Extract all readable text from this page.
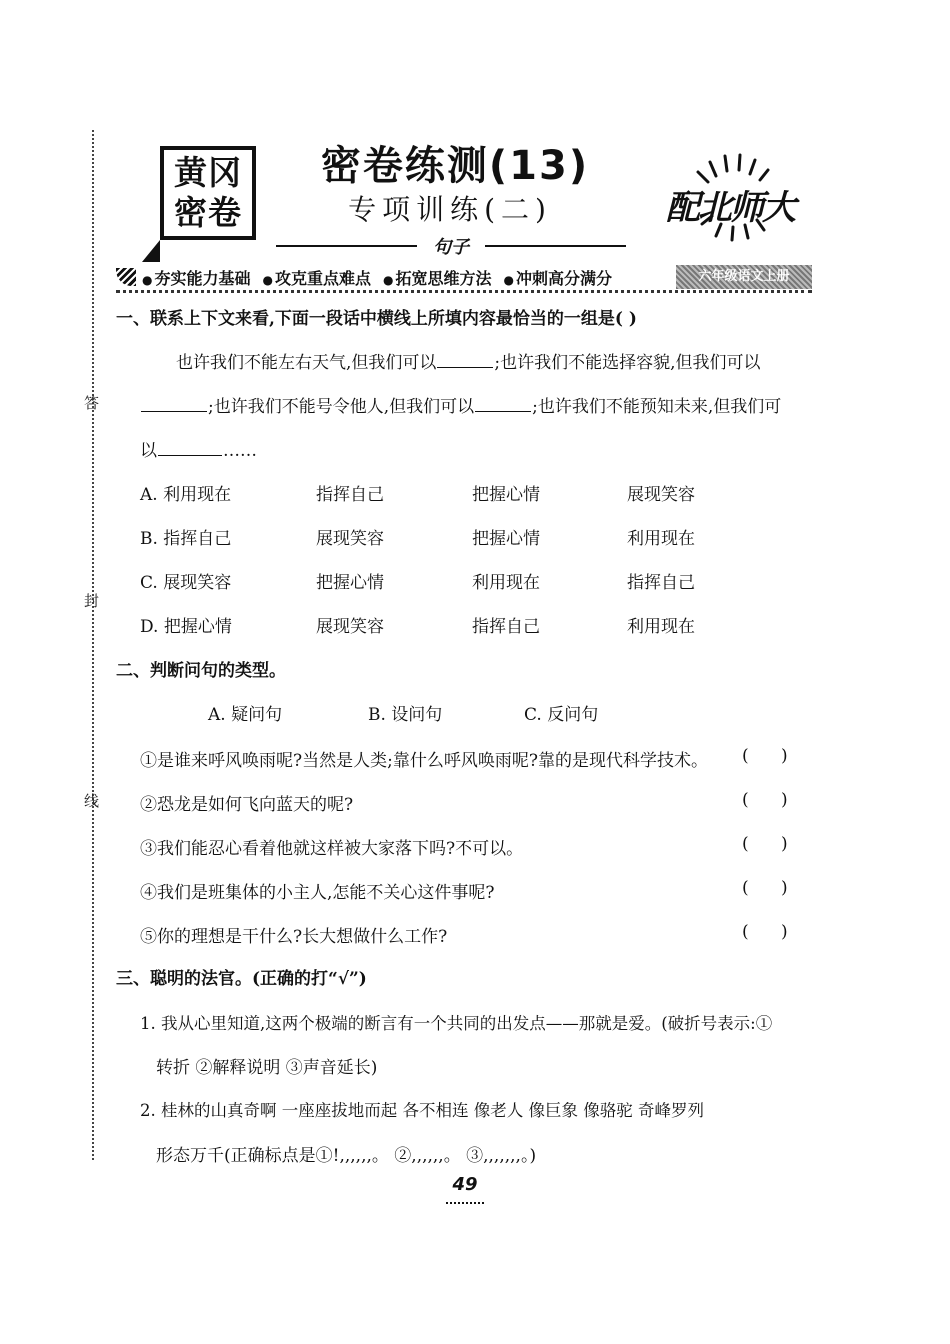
答
封
线
黄冈
密卷
密卷练测(13)
专项训练(二)
句子
配北师大
● 夯实能力基础	● 攻克重点难点	● 拓宽思维方法	● 冲刺高分满分	六年级语文上册
一、联系上下文来看,下面一段话中横线上所填内容最恰当的一组是( )
也许我们不能左右天气,但我们可以	;也许我们不能选择容貌,但我们可以
;也许我们不能号令他人,但我们可以	;也许我们不能预知未来,但我们可
以	……
A. 利用现在	指挥自己	把握心情	展现笑容
B. 指挥自己	展现笑容	把握心情	利用现在
C. 展现笑容	把握心情	利用现在	指挥自己
D. 把握心情	展现笑容	指挥自己	利用现在
二、判断问句的类型。
A. 疑问句	B. 设问句	C. 反问句
①是谁来呼风唤雨呢?当然是人类;靠什么呼风唤雨呢?靠的是现代科学技术。 (      )
②恐龙是如何飞向蓝天的呢?	(      )
③我们能忍心看着他就这样被大家落下吗?不可以。	(      )
④我们是班集体的小主人,怎能不关心这件事呢?	(      )
⑤你的理想是干什么?长大想做什么工作?	(      )
三、聪明的法官。(正确的打“√”)
1. 我从心里知道,这两个极端的断言有一个共同的出发点——那就是爱。(破折号表示:①
转折 ②解释说明 ③声音延长)
2. 桂林的山真奇啊 一座座拔地而起 各不相连 像老人 像巨象 像骆驼 奇峰罗列
形态万千(正确标点是①!,,,,,,。 ②,,,,,,。 ③,,,,,,,。)
49
